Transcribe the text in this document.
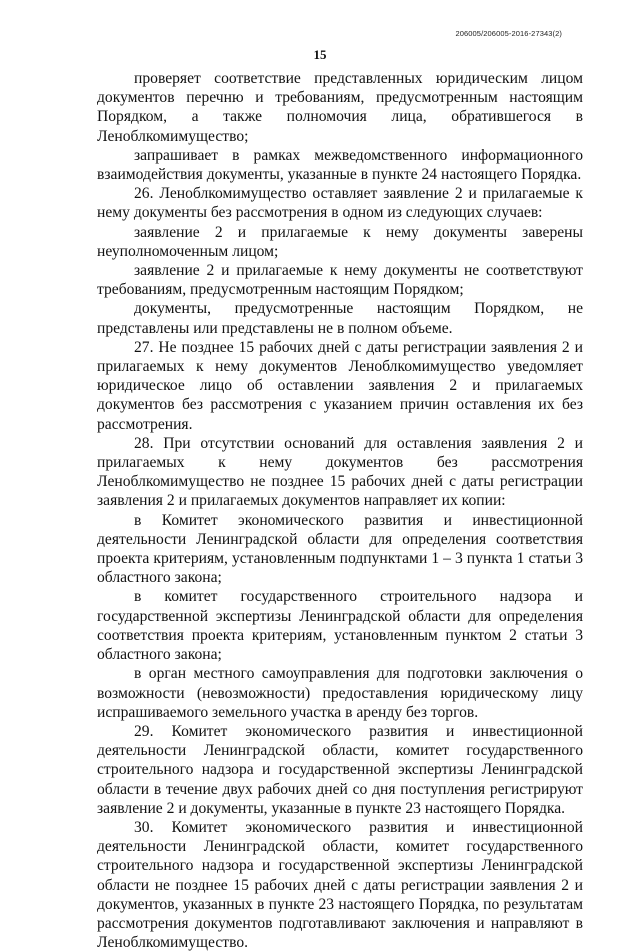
206005/206005-2016-27343(2)
15

проверяет соответствие представленных юридическим лицом документов перечню и требованиям, предусмотренным настоящим Порядком, а также полномочия лица, обратившегося в Леноблкомимущество;

запрашивает в рамках межведомственного информационного взаимодействия документы, указанные в пункте 24 настоящего Порядка.

26. Леноблкомимущество оставляет заявление 2 и прилагаемые к нему документы без рассмотрения в одном из следующих случаев:

заявление 2 и прилагаемые к нему документы заверены неуполномоченным лицом;

заявление 2 и прилагаемые к нему документы не соответствуют требованиям, предусмотренным настоящим Порядком;

документы, предусмотренные настоящим Порядком, не представлены или представлены не в полном объеме.

27. Не позднее 15 рабочих дней с даты регистрации заявления 2 и прилагаемых к нему документов Леноблкомимущество уведомляет юридическое лицо об оставлении заявления 2 и прилагаемых документов без рассмотрения с указанием причин оставления их без рассмотрения.

28. При отсутствии оснований для оставления заявления 2 и прилагаемых к нему документов без рассмотрения Леноблкомимущество не позднее 15 рабочих дней с даты регистрации заявления 2 и прилагаемых документов направляет их копии:

в Комитет экономического развития и инвестиционной деятельности Ленинградской области для определения соответствия проекта критериям, установленным подпунктами 1 – 3 пункта 1 статьи 3 областного закона;

в комитет государственного строительного надзора и государственной экспертизы Ленинградской области для определения соответствия проекта критериям, установленным пунктом 2 статьи 3 областного закона;

в орган местного самоуправления для подготовки заключения о возможности (невозможности) предоставления юридическому лицу испрашиваемого земельного участка в аренду без торгов.

29. Комитет экономического развития и инвестиционной деятельности Ленинградской области, комитет государственного строительного надзора и государственной экспертизы Ленинградской области в течение двух рабочих дней со дня поступления регистрируют заявление 2 и документы, указанные в пункте 23 настоящего Порядка.

30. Комитет экономического развития и инвестиционной деятельности Ленинградской области, комитет государственного строительного надзора и государственной экспертизы Ленинградской области не позднее 15 рабочих дней с даты регистрации заявления 2 и документов, указанных в пункте 23 настоящего Порядка, по результатам рассмотрения документов подготавливают заключения и направляют в Леноблкомимущество.
